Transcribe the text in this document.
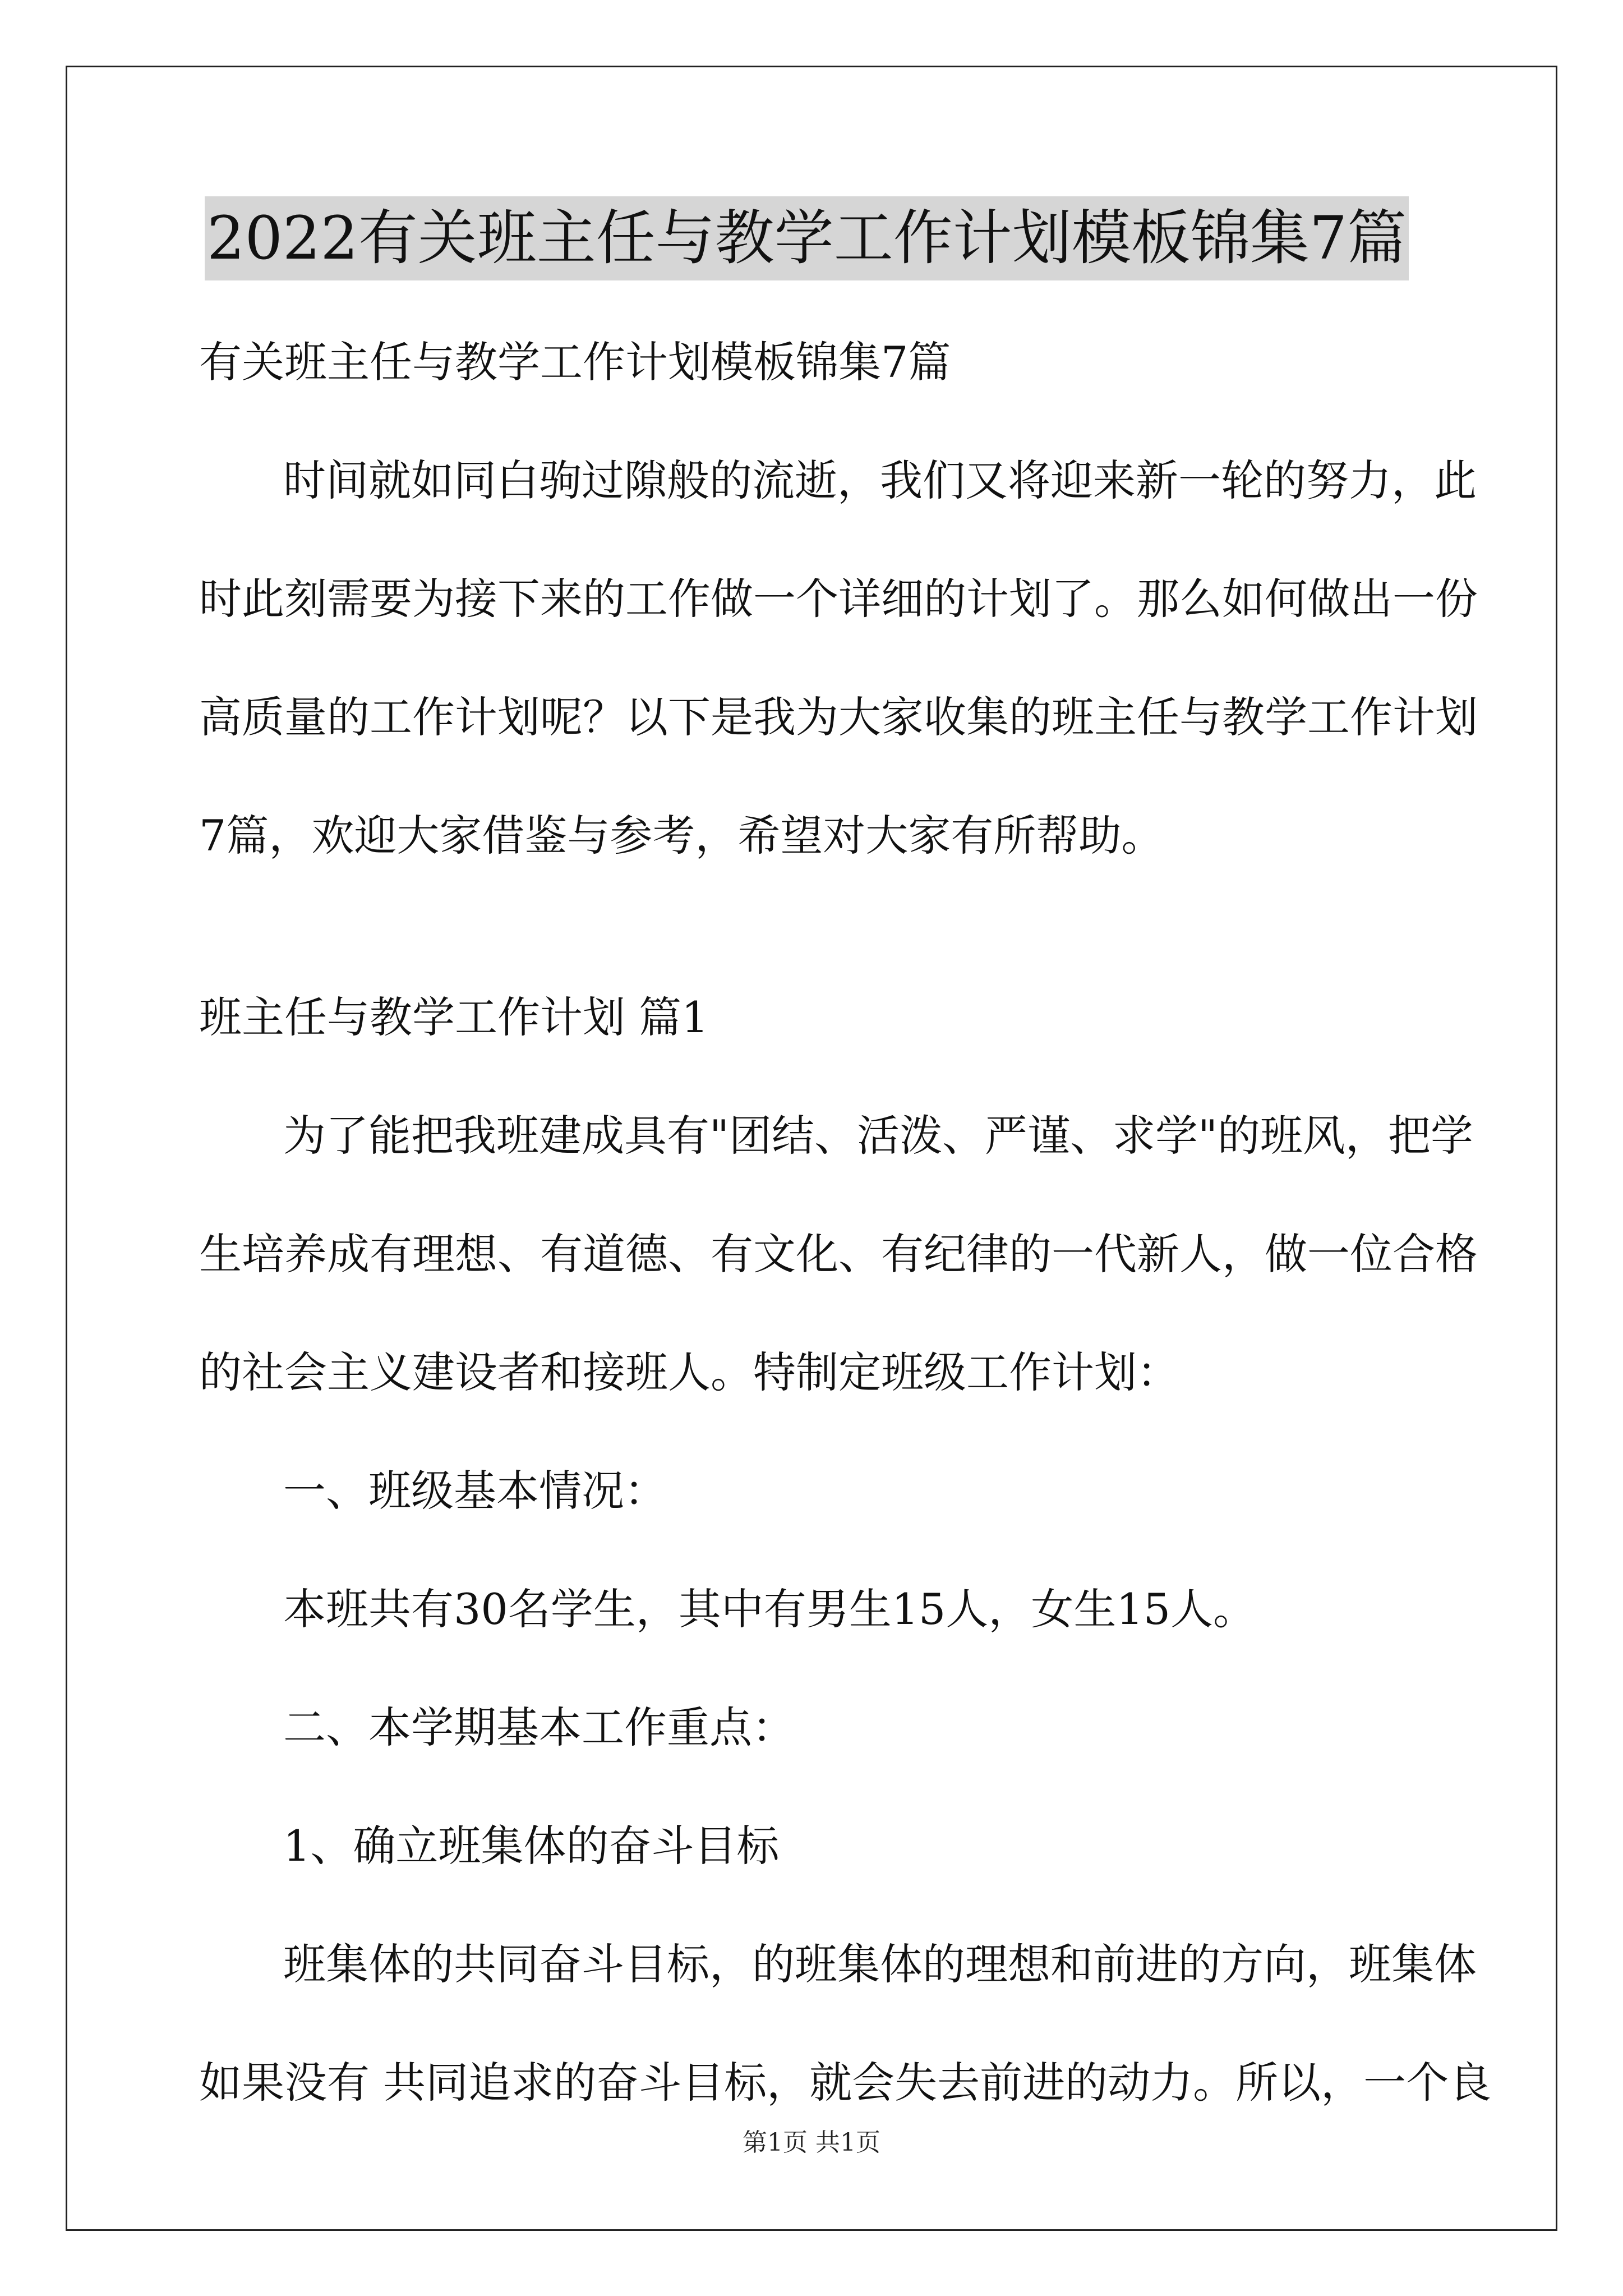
2022有关班主任与教学工作计划模板锦集7篇

有关班主任与教学工作计划模板锦集7篇

时间就如同白驹过隙般的流逝，我们又将迎来新一轮的努力，此

时此刻需要为接下来的工作做一个详细的计划了。那么如何做出一份

高质量的工作计划呢？以下是我为大家收集的班主任与教学工作计划

7篇，欢迎大家借鉴与参考，希望对大家有所帮助。

班主任与教学工作计划 篇1

为了能把我班建成具有"团结、活泼、严谨、求学"的班风，把学

生培养成有理想、有道德、有文化、有纪律的一代新人，做一位合格

的社会主义建设者和接班人。特制定班级工作计划：

一、班级基本情况：

本班共有30名学生，其中有男生15人，女生15人。

二、本学期基本工作重点：

1、确立班集体的奋斗目标

班集体的共同奋斗目标，的班集体的理想和前进的方向，班集体

如果没有 共同追求的奋斗目标，就会失去前进的动力。所以，一个良

第1页 共1页
